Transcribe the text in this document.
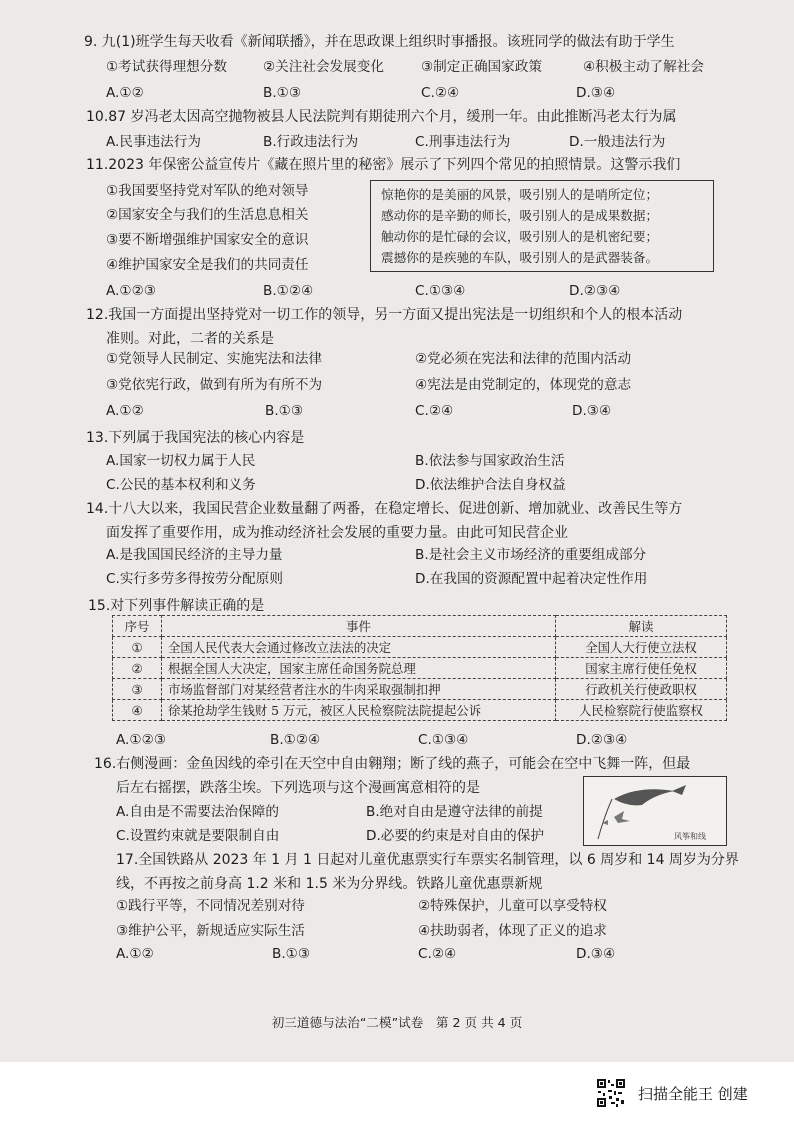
9. 九(1)班学生每天收看《新闻联播》，并在思政课上组织时事播报。该班同学的做法有助于学生
①考试获得理想分数	②关注社会发展变化	③制定正确国家政策	④积极主动了解社会
A.①②	B.①③	C.②④	D.③④
10.87 岁冯老太因高空抛物被县人民法院判有期徒刑六个月，缓刑一年。由此推断冯老太行为属
A.民事违法行为	B.行政违法行为	C.刑事违法行为	D.一般违法行为
11.2023 年保密公益宣传片《藏在照片里的秘密》展示了下列四个常见的拍照情景。这警示我们
①我国要坚持党对军队的绝对领导
②国家安全与我们的生活息息相关
③要不断增强维护国家安全的意识
④维护国家安全是我们的共同责任
惊艳你的是美丽的风景，吸引别人的是哨所定位；
感动你的是辛勤的师长，吸引别人的是成果数据；
触动你的是忙碌的会议，吸引别人的是机密纪要；
震撼你的是疾驰的车队，吸引别人的是武器装备。
A.①②③	B.①②④	C.①③④	D.②③④
12.我国一方面提出坚持党对一切工作的领导，另一方面又提出宪法是一切组织和个人的根本活动
准则。对此，二者的关系是
①党领导人民制定、实施宪法和法律	②党必须在宪法和法律的范围内活动
③党依宪行政，做到有所为有所不为	④宪法是由党制定的，体现党的意志
A.①②	B.①③	C.②④	D.③④
13.下列属于我国宪法的核心内容是
A.国家一切权力属于人民	B.依法参与国家政治生活
C.公民的基本权利和义务	D.依法维护合法自身权益
14.十八大以来，我国民营企业数量翻了两番，在稳定增长、促进创新、增加就业、改善民生等方
面发挥了重要作用，成为推动经济社会发展的重要力量。由此可知民营企业
A.是我国国民经济的主导力量	B.是社会主义市场经济的重要组成部分
C.实行多劳多得按劳分配原则	D.在我国的资源配置中起着决定性作用
15.对下列事件解读正确的是
序号	事件	解读
①	全国人民代表大会通过修改立法法的决定	全国人大行使立法权
②	根据全国人大决定，国家主席任命国务院总理	国家主席行使任免权
③	市场监督部门对某经营者注水的牛肉采取强制扣押	行政机关行使政职权
④	徐某抢劫学生钱财 5 万元，被区人民检察院法院提起公诉	人民检察院行使监察权
A.①②③	B.①②④	C.①③④	D.②③④
16.右侧漫画：金鱼因线的牵引在天空中自由翱翔；断了线的燕子，可能会在空中飞舞一阵，但最
后左右摇摆，跌落尘埃。下列选项与这个漫画寓意相符的是
A.自由是不需要法治保障的	B.绝对自由是遵守法律的前提
C.设置约束就是要限制自由	D.必要的约束是对自由的保护	风筝和线
17.全国铁路从 2023 年 1 月 1 日起对儿童优惠票实行车票实名制管理，以 6 周岁和 14 周岁为分界
线，不再按之前身高 1.2 米和 1.5 米为分界线。铁路儿童优惠票新规
①践行平等，不同情况差别对待	②特殊保护，儿童可以享受特权
③维护公平，新规适应实际生活	④扶助弱者，体现了正义的追求
A.①②	B.①③	C.②④	D.③④
初三道德与法治“二模”试卷　第 2 页 共 4 页
扫描全能王 创建
